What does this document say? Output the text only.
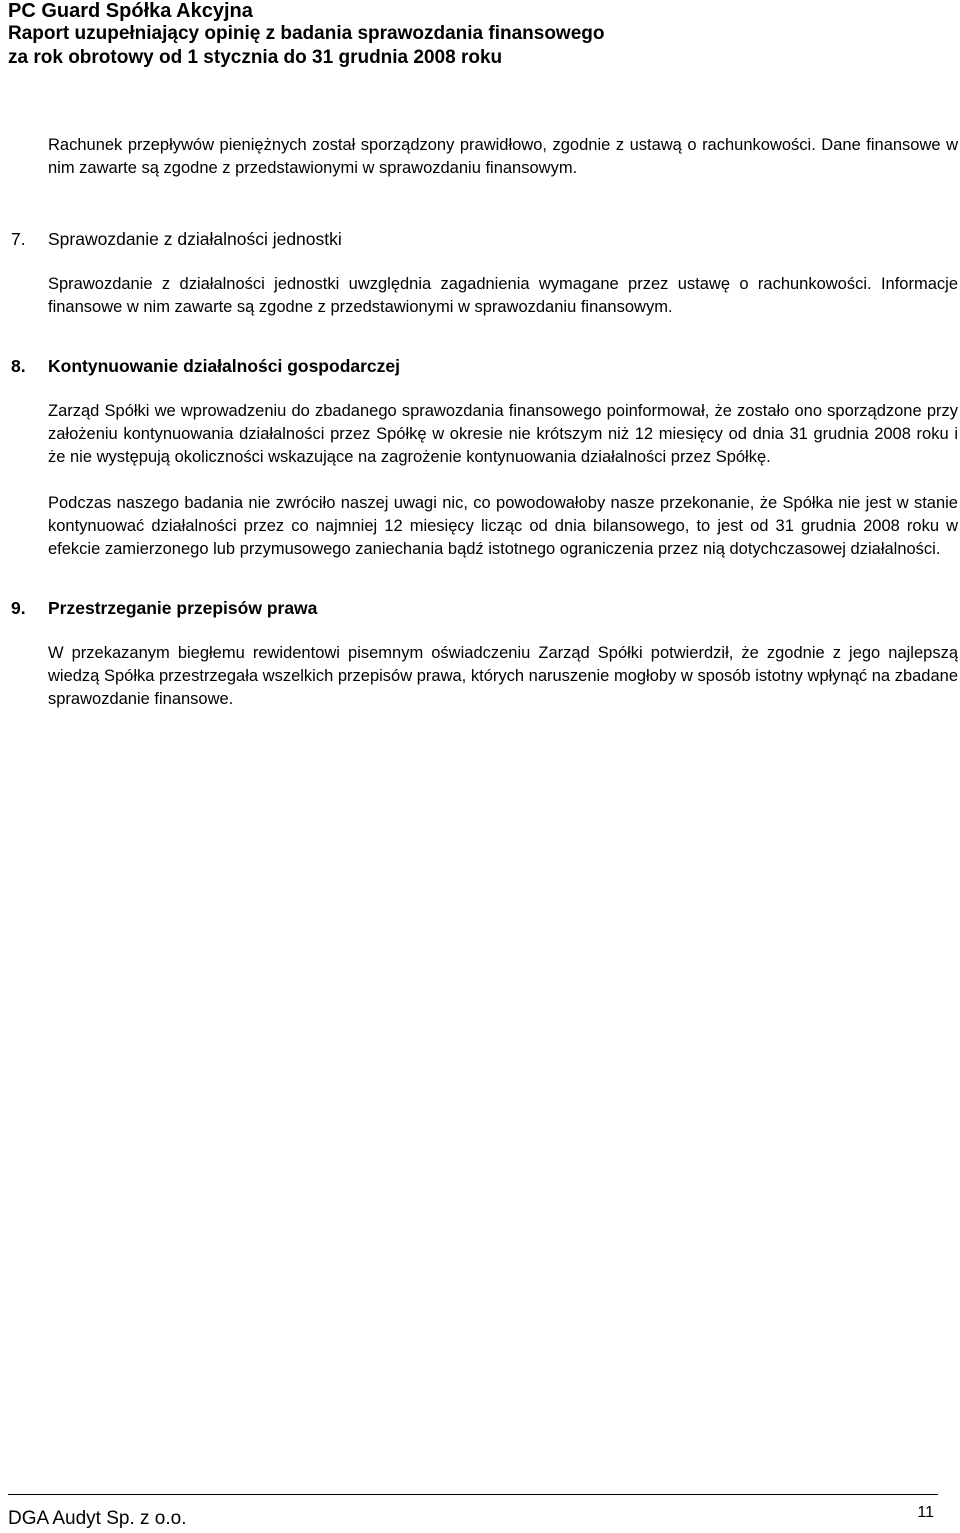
PC Guard Spółka Akcyjna
Raport uzupełniający opinię z badania sprawozdania finansowego
za rok obrotowy od 1 stycznia do 31 grudnia 2008 roku

Rachunek przepływów pieniężnych został sporządzony prawidłowo, zgodnie z ustawą o rachunkowości. Dane finansowe w nim zawarte są zgodne z przedstawionymi w sprawozdaniu finansowym.

7. Sprawozdanie z działalności jednostki

Sprawozdanie z działalności jednostki uwzględnia zagadnienia wymagane przez ustawę o rachunkowości. Informacje finansowe w nim zawarte są zgodne z przedstawionymi w sprawozdaniu finansowym.

8. Kontynuowanie działalności gospodarczej

Zarząd Spółki we wprowadzeniu do zbadanego sprawozdania finansowego poinformował, że zostało ono sporządzone przy założeniu kontynuowania działalności przez Spółkę w okresie nie krótszym niż 12 miesięcy od dnia 31 grudnia 2008 roku i że nie występują okoliczności wskazujące na zagrożenie kontynuowania działalności przez Spółkę.

Podczas naszego badania nie zwróciło naszej uwagi nic, co powodowałoby nasze przekonanie, że Spółka nie jest w stanie kontynuować działalności przez co najmniej 12 miesięcy licząc od dnia bilansowego, to jest od 31 grudnia 2008 roku w efekcie zamierzonego lub przymusowego zaniechania bądź istotnego ograniczenia przez nią dotychczasowej działalności.

9. Przestrzeganie przepisów prawa

W przekazanym biegłemu rewidentowi pisemnym oświadczeniu Zarząd Spółki potwierdził, że zgodnie z jego najlepszą wiedzą Spółka przestrzegała wszelkich przepisów prawa, których naruszenie mogłoby w sposób istotny wpłynąć na zbadane sprawozdanie finansowe.

DGA Audyt Sp. z o.o.	11
